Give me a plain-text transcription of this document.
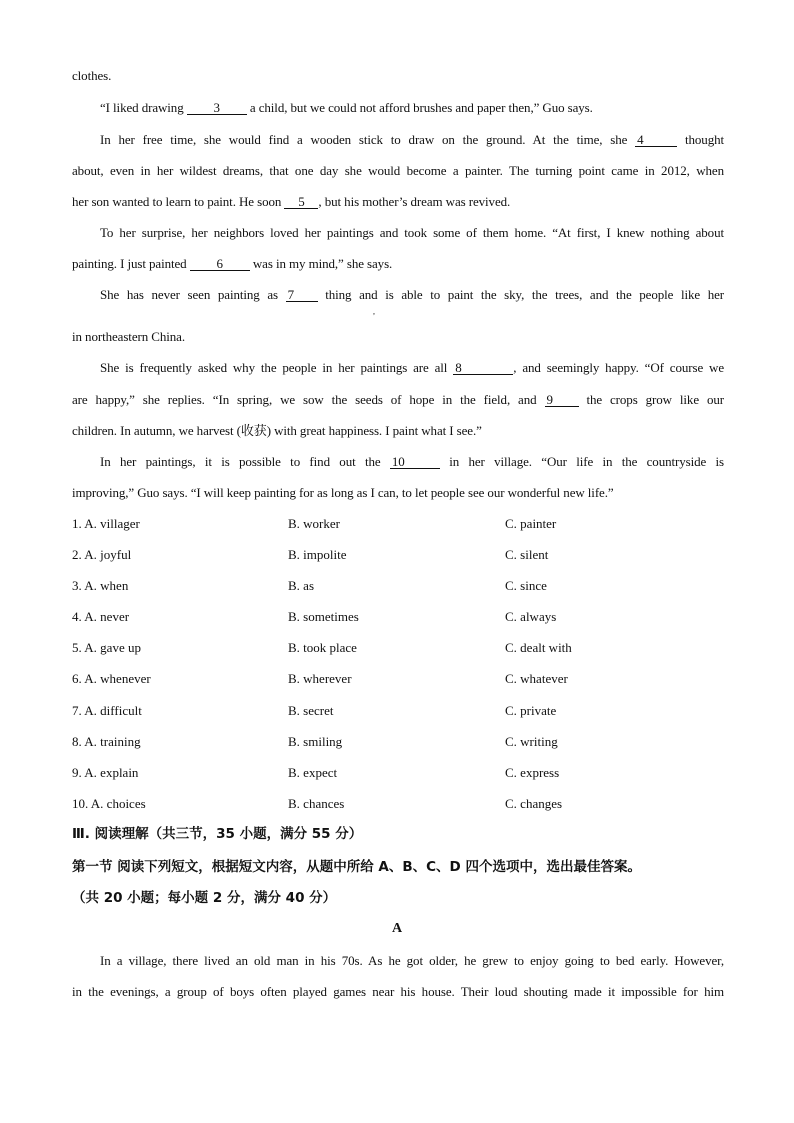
clothes.
“I liked drawing 3 a child, but we could not afford brushes and paper then,” Guo says.
In her free time, she would find a wooden stick to draw on the ground. At the time, she 4	thought
about, even in her wildest dreams, that one day she would become a painter. The turning point came in 2012, when
her son wanted to learn to paint. He soon 5 , but his mother’s dream was revived.
To her surprise, her neighbors loved her paintings and took some of them home. “At first, I knew nothing about
painting. I just painted 6 was in my mind,” she says.
She has never seen painting as 7 thing and is able to paint the sky, the trees, and the people like her
,
in northeastern China.
She is frequently asked why the people in her paintings are all 8	, and seemingly happy. “Of course we
are happy,” she replies. “In spring, we sow the seeds of hope in the field, and 9 the crops grow like our
children. In autumn, we harvest (收获) with great happiness. I paint what I see.”
In her paintings, it is possible to find out the 10	in her village. “Our life in the countryside is
improving,” Guo says. “I will keep painting for as long as I can, to let people see our wonderful new life.”
1. A. villager	B. worker	C. painter
2. A. joyful	B. impolite	C. silent
3. A. when	B. as	C. since
4. A. never	B. sometimes	C. always
5. A. gave up	B. took place	C. dealt with
6. A. whenever	B. wherever	C. whatever
7. A. difficult	B. secret	C. private
8. A. training	B. smiling	C. writing
9. A. explain	B. expect	C. express
10. A. choices	B. chances	C. changes
Ⅲ. 阅读理解（共三节，35 小题，满分 55 分）
第一节 阅读下列短文，根据短文内容，从题中所给 A、B、C、D 四个选项中，选出最佳答案。
（共 20 小题；每小题 2 分，满分 40 分）
A
In a village, there lived an old man in his 70s. As he got older, he grew to enjoy going to bed early. However,
in the evenings, a group of boys often played games near his house. Their loud shouting made it impossible for him
